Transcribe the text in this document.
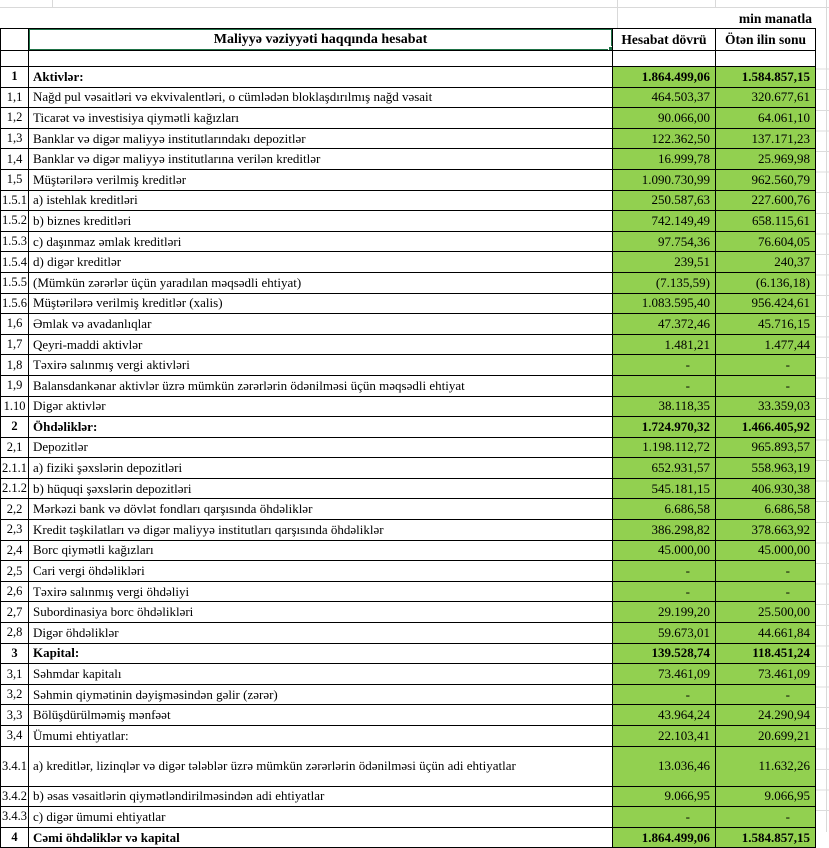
min manatla
	Maliyyə vəziyyəti haqqında hesabat	Hesabat dövrü	Ötən ilin sonu

1	Aktivlər:	1.864.499,06	1.584.857,15
1,1	Nağd pul vəsaitləri və ekvivalentləri, o cümlədən bloklaşdırılmış nağd vəsait	464.503,37	320.677,61
1,2	Ticarət və investisiya qiymətli kağızları	90.066,00	64.061,10
1,3	Banklar və digər maliyyə institutlarındakı depozitlər	122.362,50	137.171,23
1,4	Banklar və digər maliyyə institutlarına verilən kreditlər	16.999,78	25.969,98
1,5	Müştərilərə verilmiş kreditlər	1.090.730,99	962.560,79
1.5.1	a) istehlak kreditləri	250.587,63	227.600,76
1.5.2	b) biznes kreditləri	742.149,49	658.115,61
1.5.3	c) daşınmaz əmlak kreditləri	97.754,36	76.604,05
1.5.4	d) digər kreditlər	239,51	240,37
1.5.5	(Mümkün zərərlər üçün yaradılan məqsədli ehtiyat)	(7.135,59)	(6.136,18)
1.5.6	Müştərilərə verilmiş kreditlər (xalis)	1.083.595,40	956.424,61
1,6	Əmlak və avadanlıqlar	47.372,46	45.716,15
1,7	Qeyri-maddi aktivlər	1.481,21	1.477,44
1,8	Təxirə salınmış vergi aktivləri	-	-
1,9	Balansdankənar aktivlər üzrə mümkün zərərlərin ödənilməsi üçün məqsədli ehtiyat	-	-
1.10	Digər aktivlər	38.118,35	33.359,03
2	Öhdəliklər:	1.724.970,32	1.466.405,92
2,1	Depozitlər	1.198.112,72	965.893,57
2.1.1	a) fiziki şəxslərin depozitləri	652.931,57	558.963,19
2.1.2	b) hüquqi şəxslərin depozitləri	545.181,15	406.930,38
2,2	Mərkəzi bank və dövlət fondları qarşısında öhdəliklər	6.686,58	6.686,58
2,3	Kredit təşkilatları və digər maliyyə institutları qarşısında öhdəliklər	386.298,82	378.663,92
2,4	Borc qiymətli kağızları	45.000,00	45.000,00
2,5	Cari vergi öhdəlikləri	-	-
2,6	Təxirə salınmış vergi öhdəliyi	-	-
2,7	Subordinasiya borc öhdəlikləri	29.199,20	25.500,00
2,8	Digər öhdəliklər	59.673,01	44.661,84
3	Kapital:	139.528,74	118.451,24
3,1	Səhmdar kapitalı	73.461,09	73.461,09
3,2	Səhmin qiymətinin dəyişməsindən gəlir (zərər)	-	-
3,3	Bölüşdürülməmiş mənfəət	43.964,24	24.290,94
3,4	Ümumi ehtiyatlar:	22.103,41	20.699,21
3.4.1	a) kreditlər, lizinqlər və digər tələblər üzrə mümkün zərərlərin ödənilməsi üçün adi ehtiyatlar	13.036,46	11.632,26
3.4.2	b) əsas vəsaitlərin qiymətləndirilməsindən adi ehtiyatlar	9.066,95	9.066,95
3.4.3	c) digər ümumi ehtiyatlar	-	-
4	Cəmi öhdəliklər və kapital	1.864.499,06	1.584.857,15
